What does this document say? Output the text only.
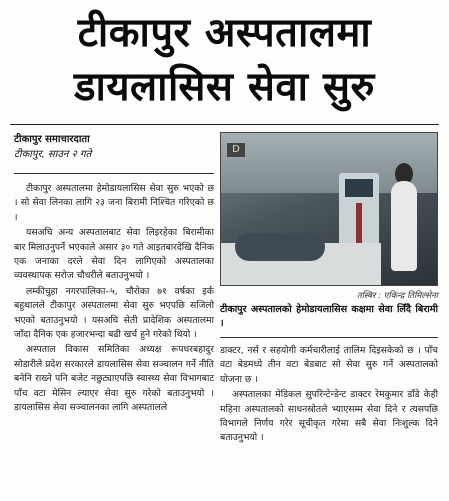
टीकापुर अस्पतालमा
डायलासिस सेवा सुरु
टीकापुर समाचारदाता
टीकापुर, साउन २ गते

टीकापुर अस्पतालमा हेमोडायलासिस सेवा सुरु भएको छ । सो सेवा लिनका लागि २३ जना बिरामी निश्चित गरिएको छ ।

यसअघि अन्य अस्पतालबाट सेवा लिइरहेका बिरामीका बार मिलाउनुपर्ने भएकाले असार ३० गते आइतबारदेखि दैनिक एक जनाका दरले सेवा दिन लागिएको अस्पतालका व्यवस्थापक सरोज चौधरीले बताउनुभयो ।

लम्कीचुहा नगरपालिका–५, चौरोका ७१ वर्षका इर्क बहुथालले टीकापुर अस्पतालमा सेवा सुरु भएपछि सजिलो भएको बताउनुभयो । यसअघि सेती प्रादेशिक अस्पतालमा जाँदा दैनिक एक हजारभन्दा बढी खर्च हुने गरेको थियो ।

अस्पताल विकास समितिका अध्यक्ष रूपधरबहादुर सोडारीले प्रदेश सरकारले डायलासिस सेवा सञ्चालन गर्ने नीति बनेनि राख्ने पनि बजेट नछुट्याएपछि स्वास्थ्य सेवा विभागबाट पाँच वटा मेसिन ल्याएर सेवा सुरु गरेको बताउनुभयो । डायलासिस सेवा सञ्चालनका लागि अस्पतालले

D
तस्बिर : एकिन्द्र तिमिल्सेना
टीकापुर अस्पतालको हेमोडायलासिस कक्षमा सेवा लिँदै बिरामी ।

डाक्टर, नर्स र सहयोगी कर्मचारीलाई तालिम दिइसकेको छ । पाँच वटा बेडमध्ये तीन वटा बेडबाट सो सेवा सुरु गर्ने अस्पतालको योजना छ ।

अस्पतालका मेडिकल सुपरिन्टेन्डेन्ट डाक्टर रेमकुमार डाँडे केही महिना अस्पतालको साधनस्रोतले भ्याएसम्म सेवा दिने र त्यसपछि विभागले निर्णय गरेर सूचीकृत गरेमा सबै सेवा निःशुल्क दिने बताउनुभयो ।
